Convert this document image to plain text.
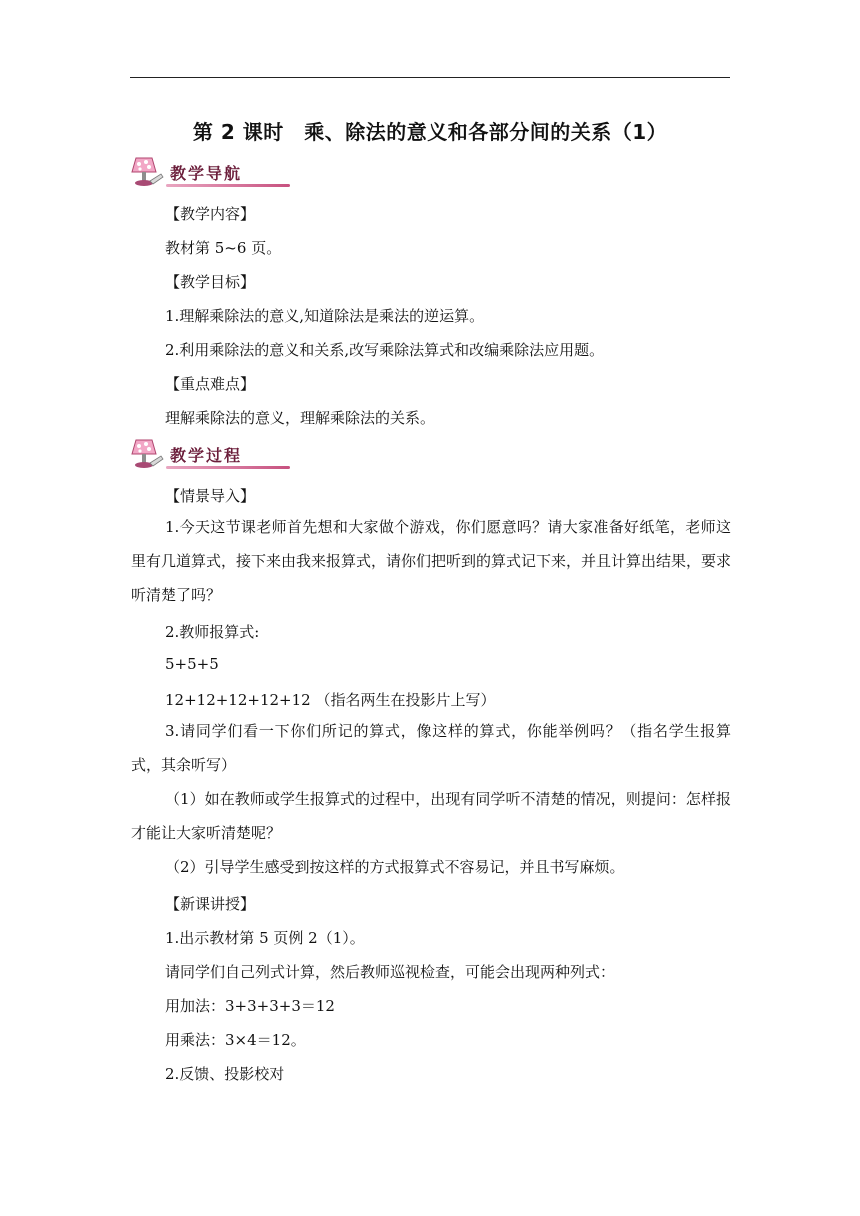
第 2 课时　乘、除法的意义和各部分间的关系（1）
教学导航
【教学内容】
教材第 5~6 页。
【教学目标】
1.理解乘除法的意义,知道除法是乘法的逆运算。
2.利用乘除法的意义和关系,改写乘除法算式和改编乘除法应用题。
【重点难点】
理解乘除法的意义，理解乘除法的关系。
教学过程
【情景导入】
1.今天这节课老师首先想和大家做个游戏，你们愿意吗？请大家准备好纸笔，老师这里有几道算式，接下来由我来报算式，请你们把听到的算式记下来，并且计算出结果，要求听清楚了吗？
2.教师报算式:
5+5+5
12+12+12+12+12 （指名两生在投影片上写）
3.请同学们看一下你们所记的算式，像这样的算式，你能举例吗？（指名学生报算式，其余听写）
（1）如在教师或学生报算式的过程中，出现有同学听不清楚的情况，则提问：怎样报才能让大家听清楚呢？
（2）引导学生感受到按这样的方式报算式不容易记，并且书写麻烦。
【新课讲授】
1.出示教材第 5 页例 2（1）。
请同学们自己列式计算，然后教师巡视检查，可能会出现两种列式：
用加法：3+3+3+3＝12
用乘法：3×4＝12。
2.反馈、投影校对
